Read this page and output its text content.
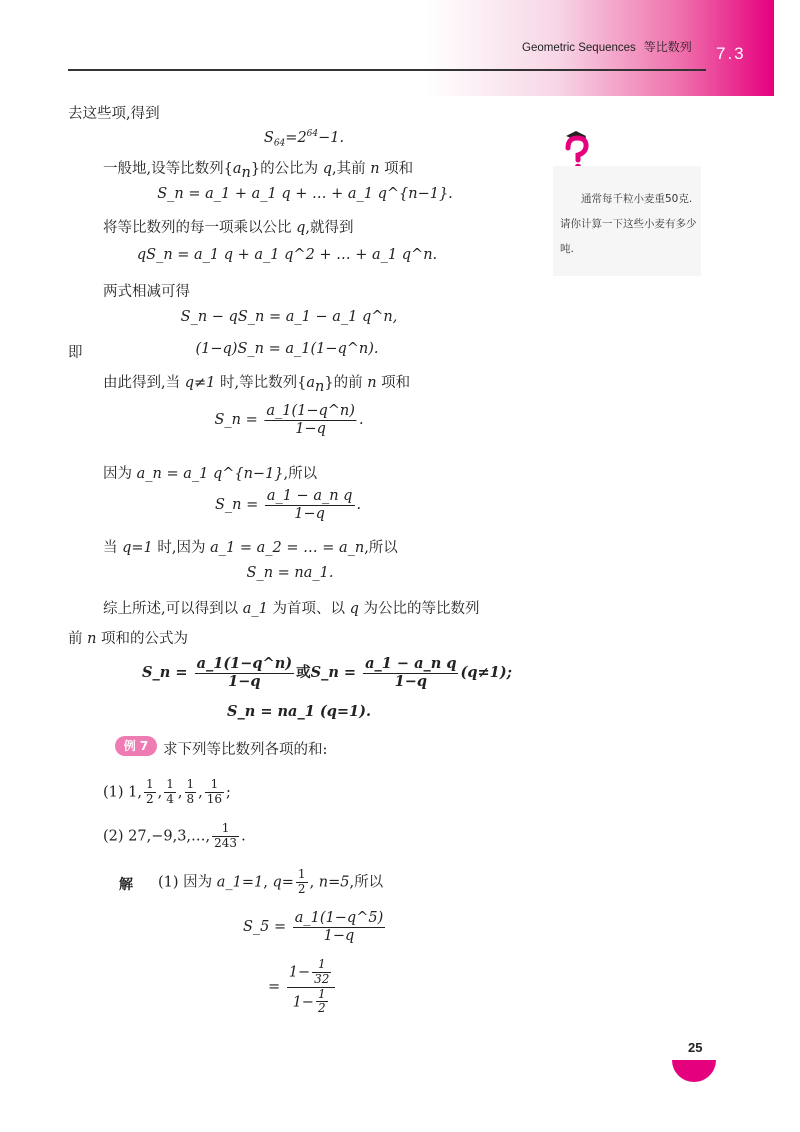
Geometric Sequences 等比数列 7.3
通常每千粒小麦重50克.请你计算一下这些小麦有多少吨.
去这些项,得到
$S_{64}=2^{64}-1$.
一般地,设等比数列$\{a_n\}$的公比为 q,其前 n 项和
S_n = a_1 + a_1 q + … + a_1 q^{n−1}.
将等比数列的每一项乘以公比 q,就得到
qS_n = a_1 q + a_1 q^2 + … + a_1 q^n.
两式相减可得
S_n − qS_n = a_1 − a_1 q^n,
即	(1−q)S_n = a_1(1−q^n).
由此得到,当 q≠1 时,等比数列$\{a_n\}$的前 n 项和
S_n = $\frac{a\_1(1-q\^{}n)}{1-q}$ .
因为 a_n = a_1 q^{n−1},所以
S_n = $\frac{\text{a\_1 − a\_n q}}{1-q}$ .
当 q=1 时,因为 a_1 = a_2 = … = a_n,所以
S_n = na_1.
综上所述,可以得到以 a_1 为首项、以 q 为公比的等比数列
前 n 项和的公式为
S_n = $\frac{a\_1(1-q\^{}n)}{1-q}$ 或S_n = $\frac{\text{a\_1 − a\_n q}}{1-q} (q\ne 1)$;
S_n = na_1 (q=1).
例 7	求下列等比数列各项的和:
(1) 1, $\frac{1}{2}$ , $\frac{1}{4}$ , $\frac{1}{8}$ , $\frac{1}{16}$ ;
(2) 27,−9,3,…, $\frac{1}{243}$ .
解 (1) 因为 a_1=1, $q= \frac{1}{2}$ , n=5,所以
S_5 = $\frac{a\_1(1-q\^{}5)}{1-q}$
= $\frac{1- \frac{1}{32}}{1- \frac{1}{2}}$
25
